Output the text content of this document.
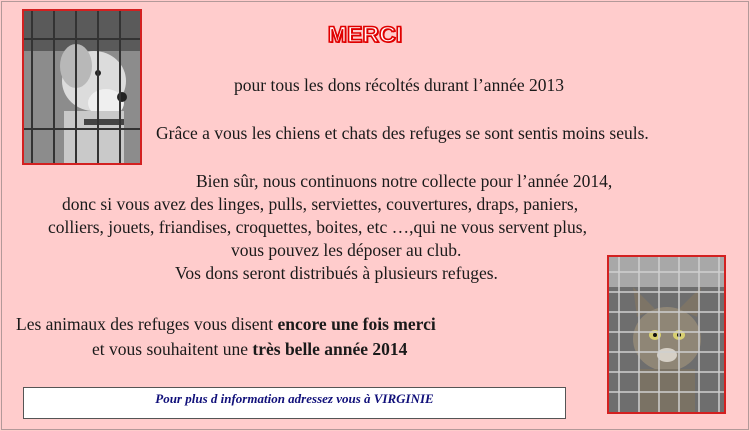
MERCI
pour tous les dons récoltés durant l’année 2013
Grâce a vous les chiens et chats des refuges se sont sentis moins seuls.
Bien sûr, nous continuons notre collecte pour l’année 2014,
donc si vous avez des linges, pulls, serviettes, couvertures, draps, paniers,
colliers, jouets, friandises, croquettes, boites, etc …,qui ne vous servent plus,
vous pouvez les déposer au club.
Vos dons seront distribués à plusieurs refuges.
Les animaux des refuges vous disent encore une fois merci
et vous souhaitent une très belle année 2014
Pour plus d information adressez vous à VIRGINIE
